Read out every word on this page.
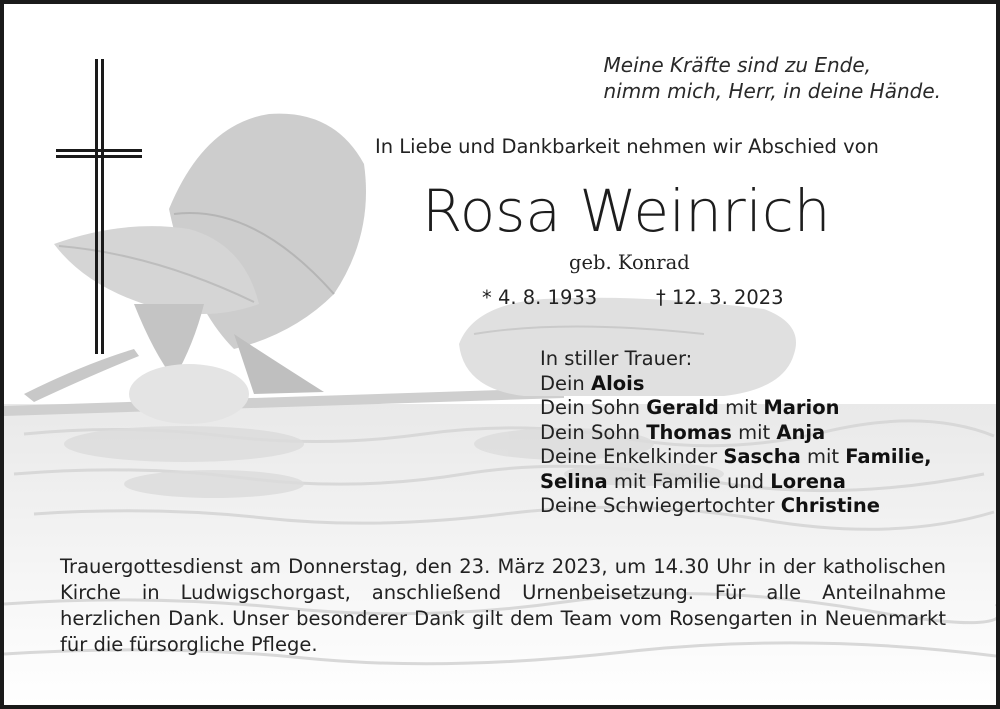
Meine Kräfte sind zu Ende,
nimm mich, Herr, in deine Hände.
In Liebe und Dankbarkeit nehmen wir Abschied von
Rosa Weinrich
geb. Konrad
* 4. 8. 1933	† 12. 3. 2023
In stiller Trauer:
Dein Alois
Dein Sohn Gerald mit Marion
Dein Sohn Thomas mit Anja
Deine Enkelkinder Sascha mit Familie,
Selina mit Familie und Lorena
Deine Schwiegertochter Christine
Trauergottesdienst am Donnerstag, den 23. März 2023, um 14.30 Uhr in der katholischen Kirche in Ludwigschorgast, anschließend Urnenbeisetzung. Für alle Anteilnahme herzlichen Dank. Unser besonderer Dank gilt dem Team vom Rosengarten in Neuenmarkt für die fürsorgliche Pflege.
